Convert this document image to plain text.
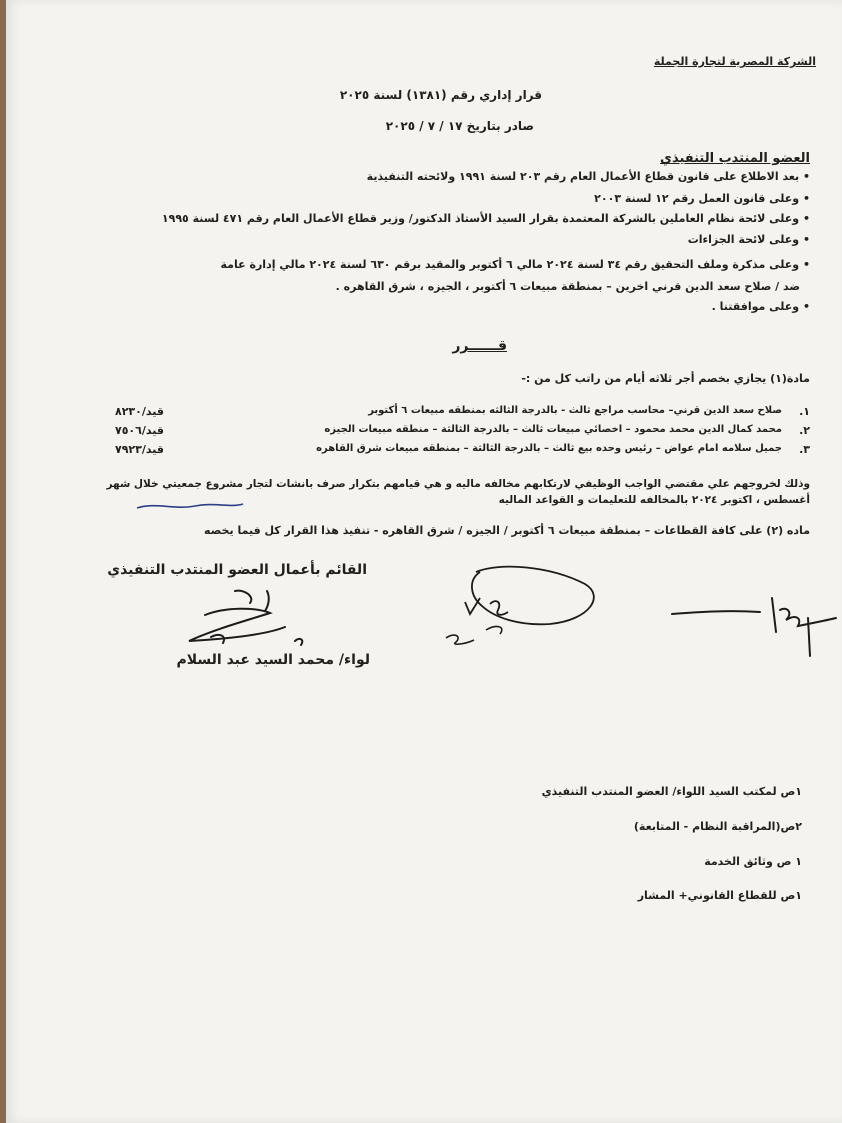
الشركة المصرية لتجارة الجملة
قرار إداري رقم (١٣٨١) لسنة ٢٠٢٥
صادر بتاريخ ١٧ / ٧ / ٢٠٢٥
العضو المنتدب التنفيذي
• بعد الاطلاع على قانون قطاع الأعمال العام رقم ٢٠٣ لسنة ١٩٩١ ولائحته التنفيذية
• وعلى قانون العمل رقم ١٢ لسنة ٢٠٠٣
• وعلى لائحة نظام العاملين بالشركة المعتمدة بقرار السيد الأستاذ الدكتور/ وزير قطاع الأعمال العام رقم ٤٧١ لسنة ١٩٩٥
• وعلى لائحة الجزاءات
• وعلى مذكرة وملف التحقيق رقم ٣٤ لسنة ٢٠٢٤ مالي ٦ أكتوبر والمقيد برقم ٦٣٠ لسنة ٢٠٢٤ مالي إدارة عامة
ضد / صلاح سعد الدين قرني اخرين – بمنطقة مبيعات ٦ أكتوبر ، الجيزه ، شرق القاهره .
• وعلى موافقتنا .
قــــــرر
مادة(١) يجازي بخصم أجر ثلاثه أيام من راتب كل من :-
١.
صلاح سعد الدين قرني– محاسب مراجع ثالث - بالدرجة الثالثه بمنطقه مبيعات ٦ أكتوبر
قيد/٨٢٣٠
٢.
محمد كمال الدين محمد محمود – اخصائي مبيعات ثالث – بالدرجة الثالثة – منطقه مبيعات الجيزه
قيد/٧٥٠٦
٣.
جميل سلامه امام عواض – رئيس وحده بيع ثالث – بالدرجة الثالثة – بمنطقه مبيعات شرق القاهره
قيد/٧٩٢٣
وذلك لخروجهم علي مقتضي الواجب الوظيفي لارتكابهم مخالفه ماليه و هي قيامهم بتكرار صرف بانشات لتجار مشروع جمعيتي خلال شهر
أغسطس ، اكتوبر ٢٠٢٤ بالمخالفه للتعليمات و القواعد الماليه
ماده (٢) على كافة القطاعات – بمنطقة مبيعات ٦ أكتوبر / الجيزه / شرق القاهره - تنفيذ هذا القرار كل فيما يخصه
القائم بأعمال العضو المنتدب التنفيذي
لواء/ محمد السيد عبد السلام
١ص لمكتب السيد اللواء/ العضو المنتدب التنفيذي
٢ص(المراقبة النظام - المتابعة)
١ ص وثائق الخدمة
١ص للقطاع القانوني+ المشار
